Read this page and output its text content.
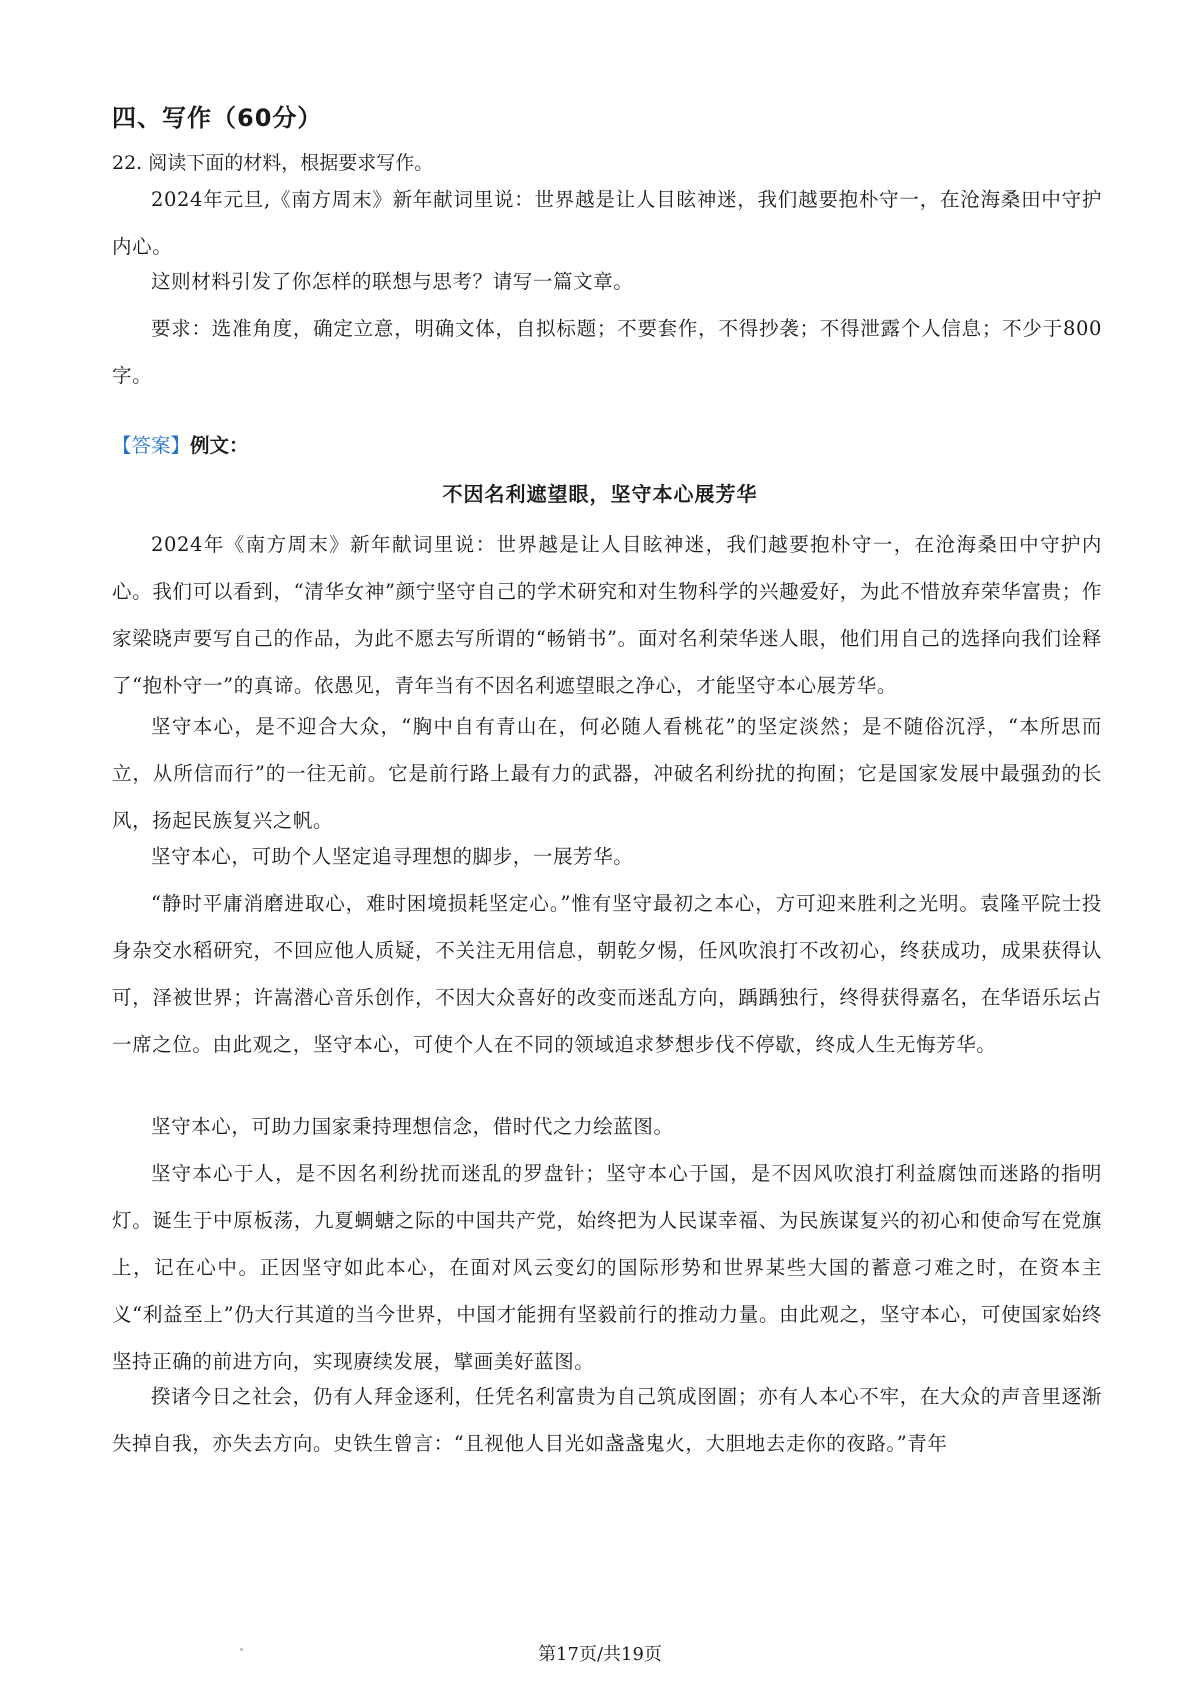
四、写作（60分）
22. 阅读下面的材料，根据要求写作。

2024年元旦,《南方周末》新年献词里说：世界越是让人目眩神迷，我们越要抱朴守一，在沧海桑田中守护内心。

这则材料引发了你怎样的联想与思考？请写一篇文章。

要求：选准角度，确定立意，明确文体，自拟标题；不要套作，不得抄袭；不得泄露个人信息；不少于800字。

【答案】例文：
不因名利遮望眼，坚守本心展芳华

2024年《南方周末》新年献词里说：世界越是让人目眩神迷，我们越要抱朴守一，在沧海桑田中守护内心。我们可以看到，“清华女神”颜宁坚守自己的学术研究和对生物科学的兴趣爱好，为此不惜放弃荣华富贵；作家梁晓声要写自己的作品，为此不愿去写所谓的“畅销书”。面对名利荣华迷人眼，他们用自己的选择向我们诠释了“抱朴守一”的真谛。依愚见，青年当有不因名利遮望眼之净心，才能坚守本心展芳华。

坚守本心，是不迎合大众，“胸中自有青山在，何必随人看桃花”的坚定淡然；是不随俗沉浮，“本所思而立，从所信而行”的一往无前。它是前行路上最有力的武器，冲破名利纷扰的拘囿；它是国家发展中最强劲的长风，扬起民族复兴之帆。

坚守本心，可助个人坚定追寻理想的脚步，一展芳华。

“静时平庸消磨进取心，难时困境损耗坚定心。”惟有坚守最初之本心，方可迎来胜利之光明。袁隆平院士投身杂交水稻研究，不回应他人质疑，不关注无用信息，朝乾夕惕，任风吹浪打不改初心，终获成功，成果获得认可，泽被世界；许嵩潜心音乐创作，不因大众喜好的改变而迷乱方向，踽踽独行，终得获得嘉名，在华语乐坛占一席之位。由此观之，坚守本心，可使个人在不同的领域追求梦想步伐不停歇，终成人生无悔芳华。

坚守本心，可助力国家秉持理想信念，借时代之力绘蓝图。

坚守本心于人，是不因名利纷扰而迷乱的罗盘针；坚守本心于国，是不因风吹浪打利益腐蚀而迷路的指明灯。诞生于中原板荡，九夏蜩螗之际的中国共产党，始终把为人民谋幸福、为民族谋复兴的初心和使命写在党旗上，记在心中。正因坚守如此本心，在面对风云变幻的国际形势和世界某些大国的蓄意刁难之时，在资本主义“利益至上”仍大行其道的当今世界，中国才能拥有坚毅前行的推动力量。由此观之，坚守本心，可使国家始终坚持正确的前进方向，实现赓续发展，擘画美好蓝图。

揆诸今日之社会，仍有人拜金逐利，任凭名利富贵为自己筑成囹圄；亦有人本心不牢，在大众的声音里逐渐失掉自我，亦失去方向。史铁生曾言：“且视他人目光如盏盏鬼火，大胆地去走你的夜路。”青年

第17页/共19页
